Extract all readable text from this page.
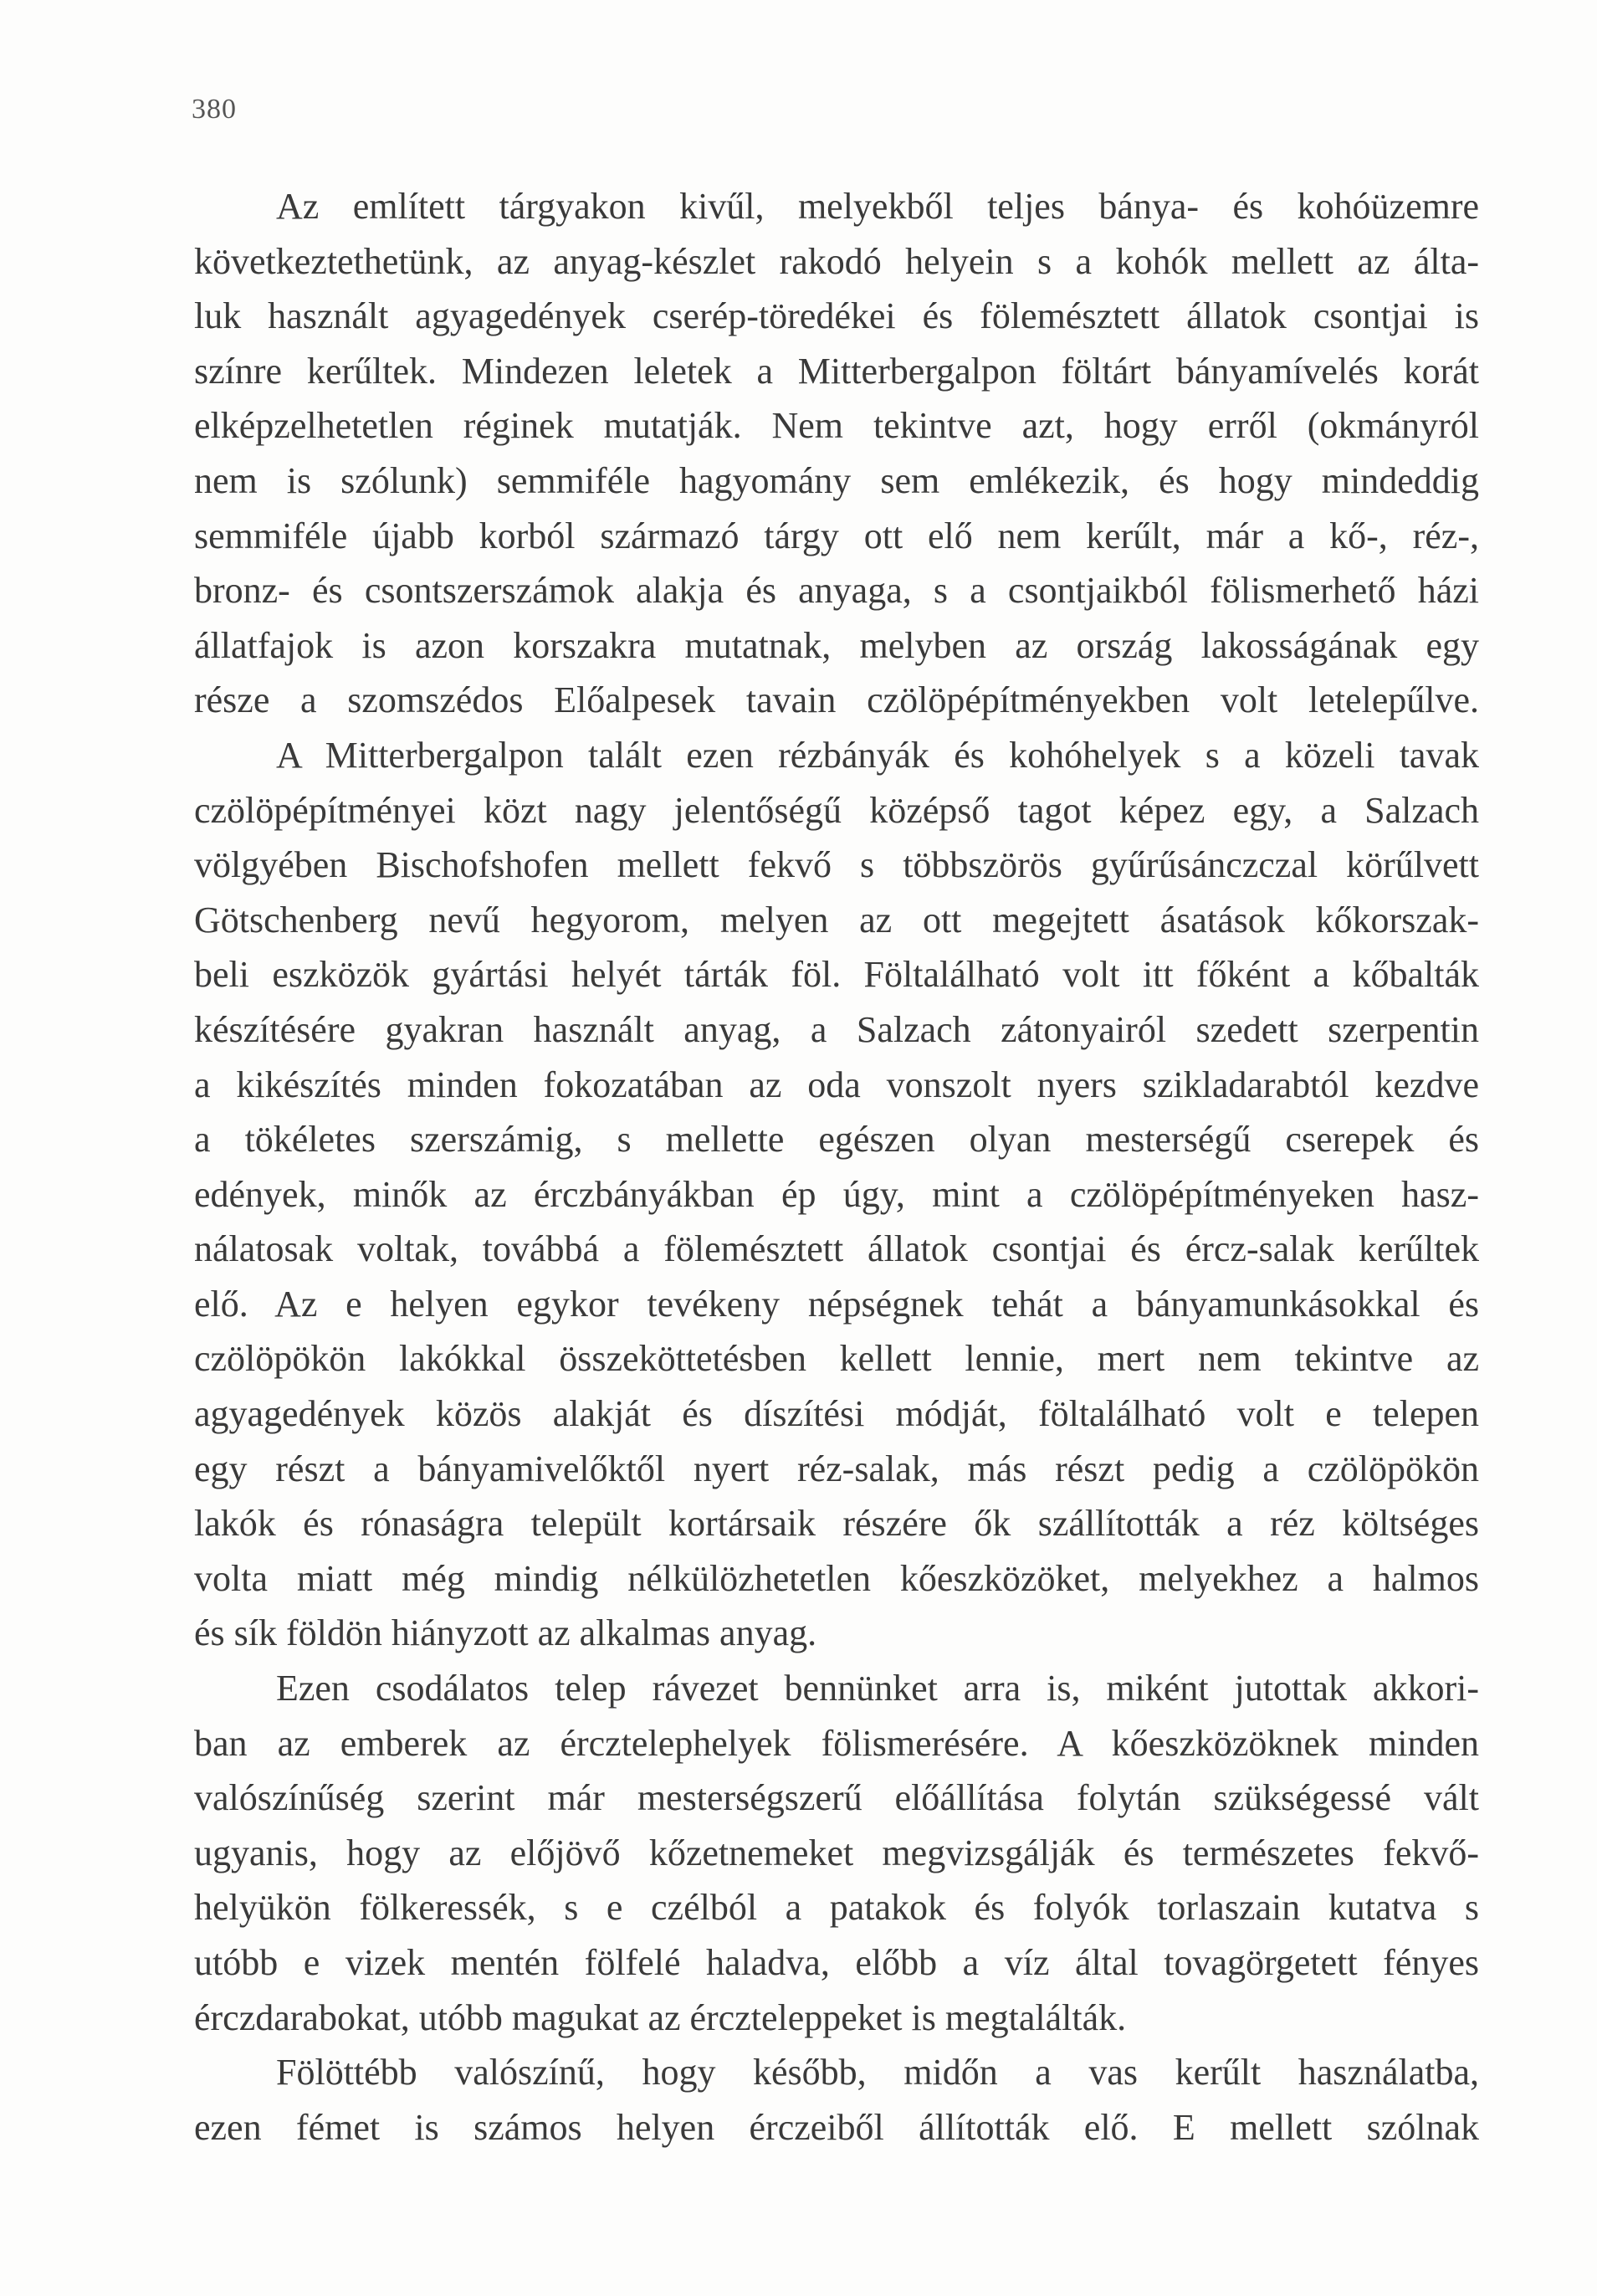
380
Az említett tárgyakon kivűl, melyekből teljes bánya- és kohóüzemre
következtethetünk, az anyag-készlet rakodó helyein s a kohók mellett az álta-
luk használt agyagedények cserép-töredékei és fölemésztett állatok csontjai is
színre kerűltek. Mindezen leletek a Mitterbergalpon föltárt bányamívelés korát
elképzelhetetlen réginek mutatják. Nem tekintve azt, hogy erről (okmányról
nem is szólunk) semmiféle hagyomány sem emlékezik, és hogy mindeddig
semmiféle újabb korból származó tárgy ott elő nem kerűlt, már a kő-, réz-,
bronz- és csontszerszámok alakja és anyaga, s a csontjaikból fölismerhető házi
állatfajok is azon korszakra mutatnak, melyben az ország lakosságának egy
része a szomszédos Előalpesek tavain czölöpépítményekben volt letelepűlve.
A Mitterbergalpon talált ezen rézbányák és kohóhelyek s a közeli tavak
czölöpépítményei közt nagy jelentőségű középső tagot képez egy, a Salzach
völgyében Bischofshofen mellett fekvő s többszörös gyűrűsánczczal körűlvett
Götschenberg nevű hegyorom, melyen az ott megejtett ásatások kőkorszak-
beli eszközök gyártási helyét tárták föl. Föltalálható volt itt főként a kőbalták
készítésére gyakran használt anyag, a Salzach zátonyairól szedett szerpentin
a kikészítés minden fokozatában az oda vonszolt nyers szikladarabtól kezdve
a tökéletes szerszámig, s mellette egészen olyan mesterségű cserepek és
edények, minők az érczbányákban ép úgy, mint a czölöpépítményeken hasz-
nálatosak voltak, továbbá a fölemésztett állatok csontjai és ércz-salak kerűltek
elő. Az e helyen egykor tevékeny népségnek tehát a bányamunkásokkal és
czölöpökön lakókkal összeköttetésben kellett lennie, mert nem tekintve az
agyagedények közös alakját és díszítési módját, föltalálható volt e telepen
egy részt a bányamivelőktől nyert réz-salak, más részt pedig a czölöpökön
lakók és rónaságra települt kortársaik részére ők szállították a réz költséges
volta miatt még mindig nélkülözhetetlen kőeszközöket, melyekhez a halmos
és sík földön hiányzott az alkalmas anyag.
Ezen csodálatos telep rávezet bennünket arra is, miként jutottak akkori-
ban az emberek az ércztelephelyek fölismerésére. A kőeszközöknek minden
valószínűség szerint már mesterségszerű előállítása folytán szükségessé vált
ugyanis, hogy az előjövő kőzetnemeket megvizsgálják és természetes fekvő-
helyükön fölkeressék, s e czélból a patakok és folyók torlaszain kutatva s
utóbb e vizek mentén fölfelé haladva, előbb a víz által tovagörgetett fényes
érczdarabokat, utóbb magukat az érczteleppeket is megtalálták.
Fölöttébb valószínű, hogy később, midőn a vas kerűlt használatba,
ezen fémet is számos helyen érczeiből állították elő. E mellett szólnak
